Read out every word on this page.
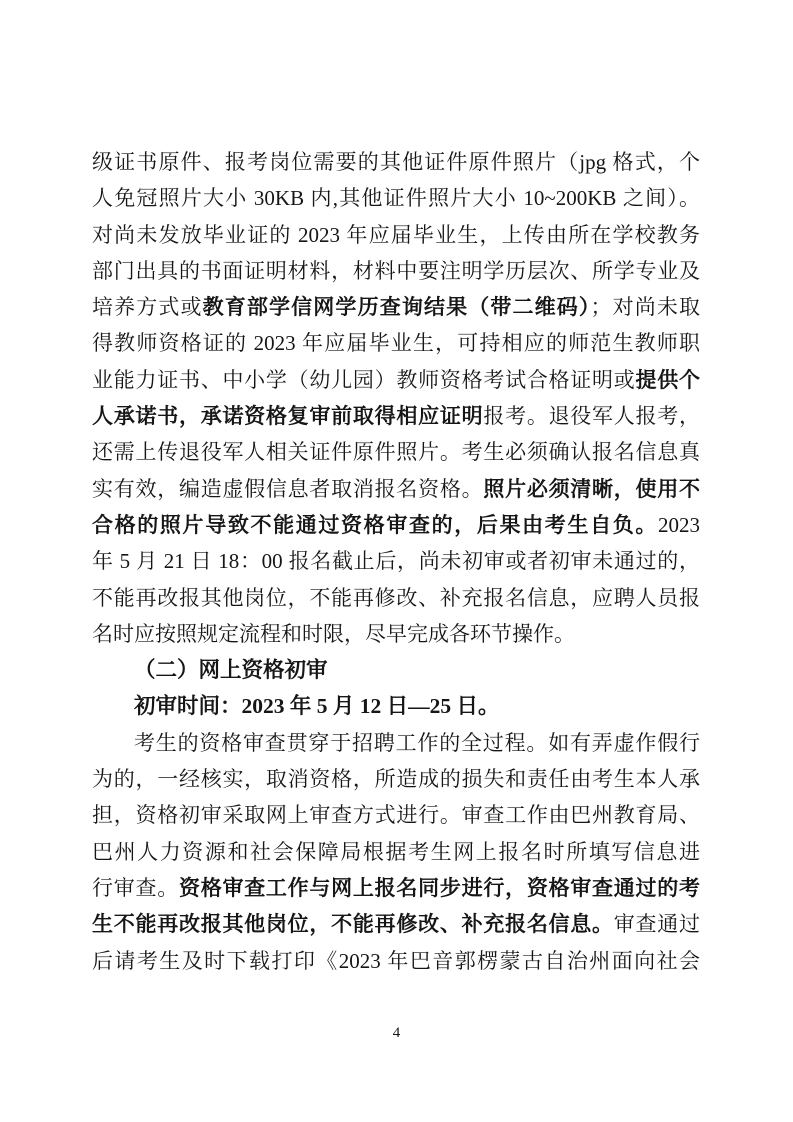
级证书原件、报考岗位需要的其他证件原件照片（jpg 格式，个
人免冠照片大小 30KB 内,其他证件照片大小 10~200KB 之间）。
对尚未发放毕业证的 2023 年应届毕业生，上传由所在学校教务
部门出具的书面证明材料，材料中要注明学历层次、所学专业及
培养方式或教育部学信网学历查询结果（带二维码）；对尚未取
得教师资格证的 2023 年应届毕业生，可持相应的师范生教师职
业能力证书、中小学（幼儿园）教师资格考试合格证明或提供个
人承诺书，承诺资格复审前取得相应证明报考。退役军人报考，
还需上传退役军人相关证件原件照片。考生必须确认报名信息真
实有效，编造虚假信息者取消报名资格。照片必须清晰，使用不
合格的照片导致不能通过资格审查的，后果由考生自负。2023
年 5 月 21 日 18：00 报名截止后，尚未初审或者初审未通过的，
不能再改报其他岗位，不能再修改、补充报名信息，应聘人员报
名时应按照规定流程和时限，尽早完成各环节操作。
（二）网上资格初审
初审时间：2023 年 5 月 12 日—25 日。
考生的资格审查贯穿于招聘工作的全过程。如有弄虚作假行
为的，一经核实，取消资格，所造成的损失和责任由考生本人承
担，资格初审采取网上审查方式进行。审查工作由巴州教育局、
巴州人力资源和社会保障局根据考生网上报名时所填写信息进
行审查。资格审查工作与网上报名同步进行，资格审查通过的考
生不能再改报其他岗位，不能再修改、补充报名信息。审查通过
后请考生及时下载打印《2023 年巴音郭楞蒙古自治州面向社会
4
